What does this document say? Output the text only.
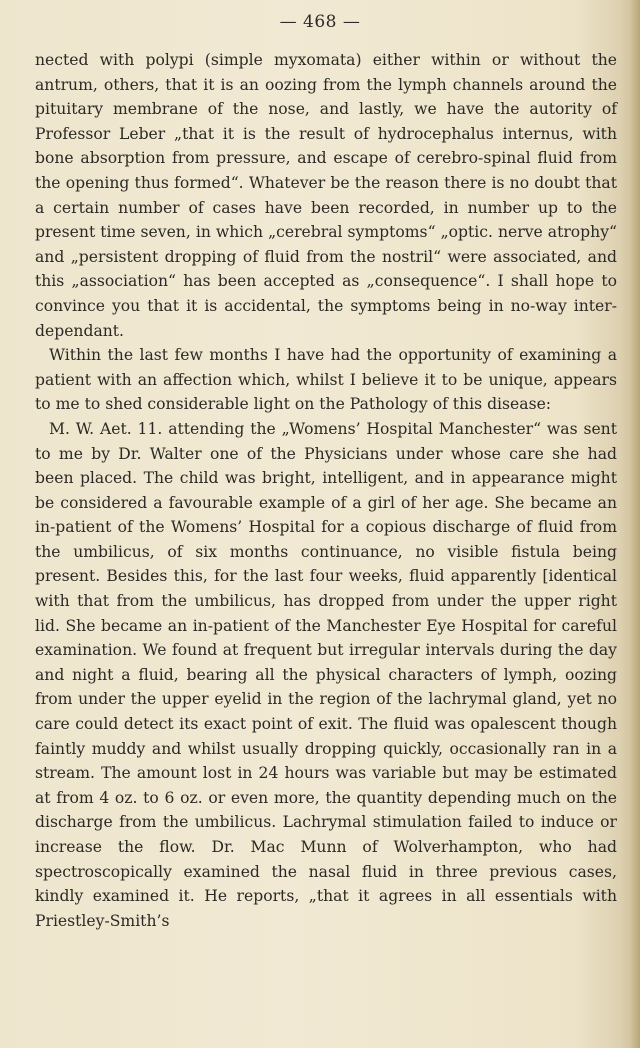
— 468 —

nected with polypi (simple myxomata) either within or without the antrum, others, that it is an oozing from the lymph channels around the pituitary membrane of the nose, and lastly, we have the autority of Professor Leber „that it is the result of hydrocephalus internus, with bone absorption from pressure, and escape of cerebro-spinal fluid from the opening thus formed“. Whatever be the reason there is no doubt that a certain number of cases have been recorded, in number up to the present time seven, in which „cerebral symptoms“ „optic. nerve atrophy“ and „persistent dropping of fluid from the nostril“ were associated, and this „association“ has been accepted as „consequence“. I shall hope to convince you that it is accidental, the symptoms being in no-way inter-dependant.

Within the last few months I have had the opportunity of examining a patient with an affection which, whilst I believe it to be unique, appears to me to shed considerable light on the Pathology of this disease:

M. W. Aet. 11. attending the „Womens’ Hospital Manchester“ was sent to me by Dr. Walter one of the Physicians under whose care she had been placed. The child was bright, intelligent, and in appearance might be considered a favourable example of a girl of her age. She became an in-patient of the Womens’ Hospital for a copious discharge of fluid from the umbilicus, of six months continuance, no visible fistula being present. Besides this, for the last four weeks, fluid apparently [identical with that from the umbilicus, has dropped from under the upper right lid. She became an in-patient of the Manchester Eye Hospital for careful examination. We found at frequent but irregular intervals during the day and night a fluid, bearing all the physical characters of lymph, oozing from under the upper eyelid in the region of the lachrymal gland, yet no care could detect its exact point of exit. The fluid was opalescent though faintly muddy and whilst usually dropping quickly, occasionally ran in a stream. The amount lost in 24 hours was variable but may be estimated at from 4 oz. to 6 oz. or even more, the quantity depending much on the discharge from the umbilicus. Lachrymal stimulation failed to induce or increase the flow. Dr. Mac Munn of Wolverhampton, who had spectroscopically examined the nasal fluid in three previous cases, kindly examined it. He reports, „that it agrees in all essentials with Priestley-Smith’s
